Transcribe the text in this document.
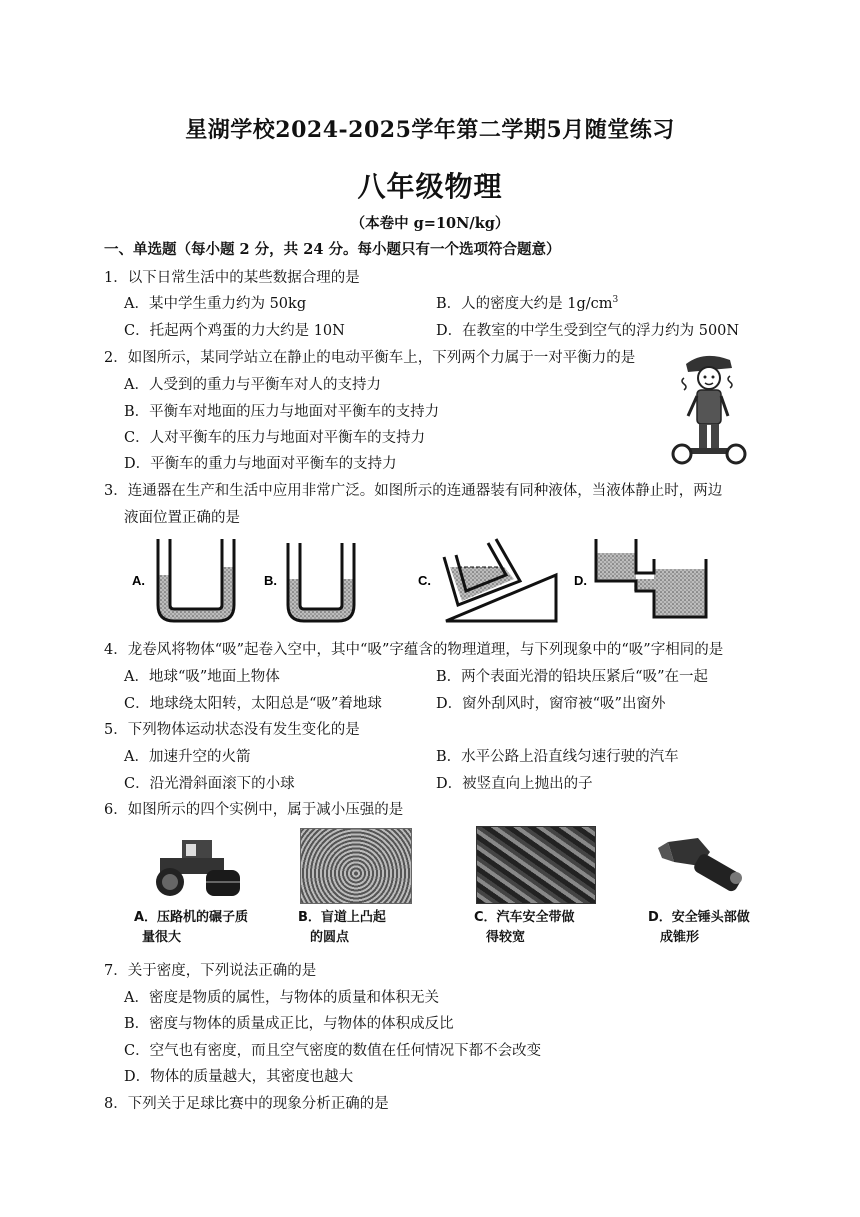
星湖学校2024-2025学年第二学期5月随堂练习
八年级物理
（本卷中 g=10N/kg）
一、单选题（每小题 2 分，共 24 分。每小题只有一个选项符合题意）
1．以下日常生活中的某些数据合理的是
A．某中学生重力约为 50kg	B．人的密度大约是 $1g/cm^3$
C．托起两个鸡蛋的力大约是 10N	D．在教室的中学生受到空气的浮力约为 500N
2．如图所示，某同学站立在静止的电动平衡车上，下列两个力属于一对平衡力的是
A．人受到的重力与平衡车对人的支持力
B．平衡车对地面的压力与地面对平衡车的支持力
C．人对平衡车的压力与地面对平衡车的支持力
D．平衡车的重力与地面对平衡车的支持力
3．连通器在生产和生活中应用非常广泛。如图所示的连通器装有同种液体，当液体静止时，两边
液面位置正确的是
A.	B.	C.	D.
4．龙卷风将物体“吸”起卷入空中，其中“吸”字蕴含的物理道理，与下列现象中的“吸”字相同的是
A．地球“吸”地面上物体	B．两个表面光滑的铅块压紧后“吸”在一起
C．地球绕太阳转，太阳总是“吸”着地球	D．窗外刮风时，窗帘被“吸”出窗外
5．下列物体运动状态没有发生变化的是
A．加速升空的火箭	B．水平公路上沿直线匀速行驶的汽车
C．沿光滑斜面滚下的小球	D．被竖直向上抛出的子
6．如图所示的四个实例中，属于减小压强的是
A．压路机的碾子质
量很大
B．盲道上凸起
的圆点
C．汽车安全带做
得较宽
D．安全锤头部做
成锥形
7．关于密度，下列说法正确的是
A．密度是物质的属性，与物体的质量和体积无关
B．密度与物体的质量成正比，与物体的体积成反比
C．空气也有密度，而且空气密度的数值在任何情况下都不会改变
D．物体的质量越大，其密度也越大
8．下列关于足球比赛中的现象分析正确的是
